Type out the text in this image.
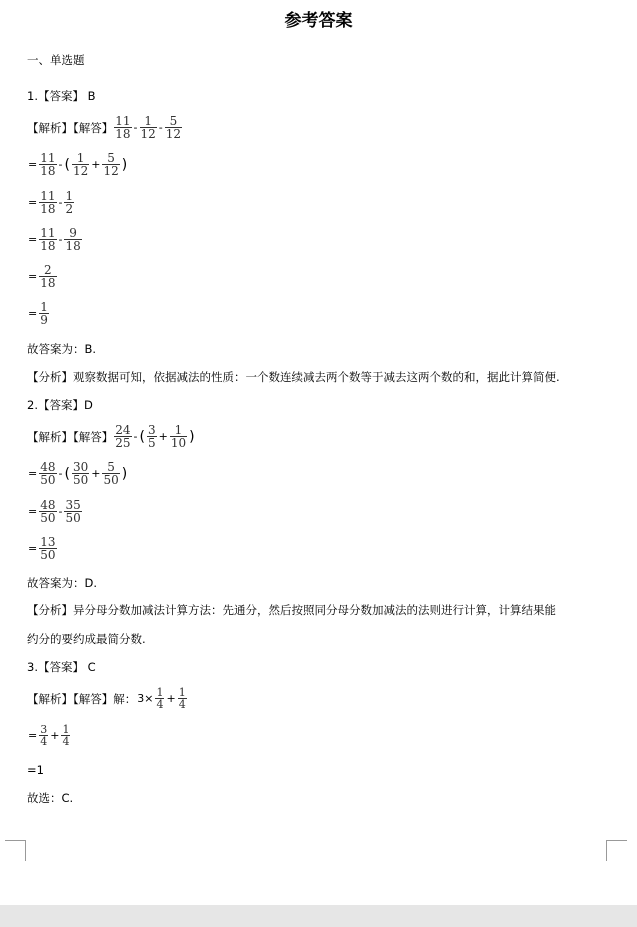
参考答案
一、单选题
1.【答案】 B
【解析】【解答】 $\frac{11}{18} - \frac{1}{12} - \frac{5}{12}$
= $\frac{11}{18}$ - ( $\frac{1}{12} + \frac{5}{12}$ )
= $\frac{11}{18} - \frac{1}{2}$
= $\frac{11}{18} - \frac{9}{18}$
= $\frac{2}{18}$
= $\frac{1}{9}$
故答案为：B.
【分析】观察数据可知，依据减法的性质：一个数连续减去两个数等于减去这两个数的和，据此计算简便.
2.【答案】D
【解析】【解答】 $\frac{24}{25}$ - ( $\frac{3}{5} + \frac{1}{10}$ )
= $\frac{48}{50}$ - ( $\frac{30}{50} + \frac{5}{50}$ )
= $\frac{48}{50} - \frac{35}{50}$
= $\frac{13}{50}$
故答案为：D.
【分析】异分母分数加减法计算方法：先通分，然后按照同分母分数加减法的法则进行计算，计算结果能
约分的要约成最简分数.
3.【答案】 C
【解析】【解答】解： $3\times \frac{1}{4} + \frac{1}{4}$
= $\frac{3}{4} + \frac{1}{4}$
=1
故选：C.
